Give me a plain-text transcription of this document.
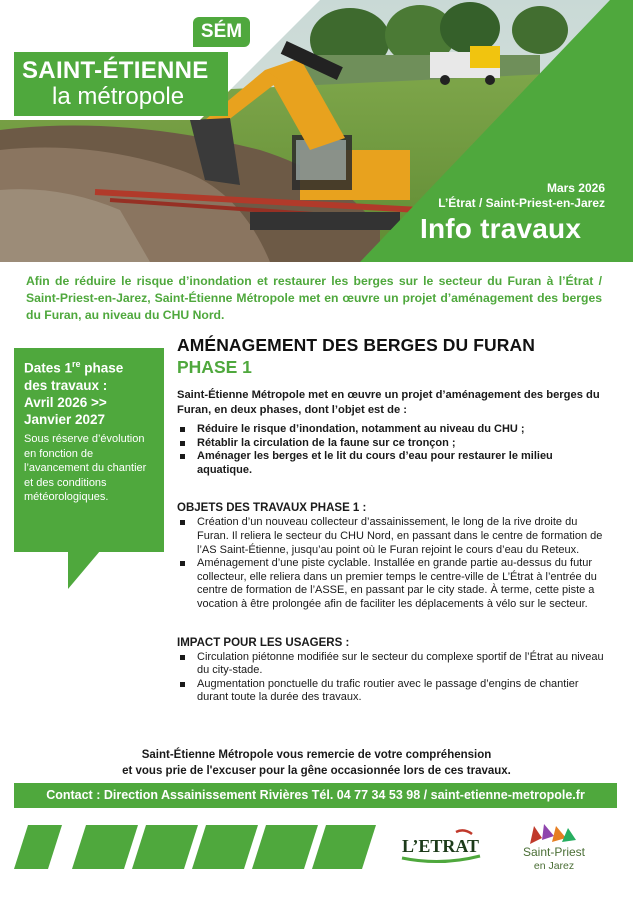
SAINT-ÉTIENNE
la métropole
SÉM
Mars 2026
L’Étrat / Saint-Priest-en-Jarez
Info travaux
Afin de réduire le risque d’inondation et restaurer les berges sur le secteur du Furan à l’Étrat / Saint-Priest-en-Jarez, Saint-Étienne Métropole met en œuvre un projet d’aménagement des berges du Furan, au niveau du CHU Nord.
Dates 1re phase
des travaux :
Avril 2026 >>
Janvier 2027
Sous réserve d’évolution en fonction de l’avancement du chantier et des conditions météorologiques.
AMÉNAGEMENT DES BERGES DU FURAN
PHASE 1

Saint-Étienne Métropole met en œuvre un projet d’aménagement des berges du Furan, en deux phases, dont l’objet est de :

Réduire le risque d’inondation, notamment au niveau du CHU ;
Rétablir la circulation de la faune sur ce tronçon ;
Aménager les berges et le lit du cours d’eau pour restaurer le milieu aquatique.
OBJETS DES TRAVAUX PHASE 1 :
Création d’un nouveau collecteur d’assainissement, le long de la rive droite du Furan. Il reliera le secteur du CHU Nord, en passant dans le centre de formation de l’AS Saint-Étienne, jusqu’au point où le Furan rejoint le cours d’eau du Reteux.
Aménagement d’une piste cyclable. Installée en grande partie au-dessus du futur collecteur, elle reliera dans un premier temps le centre-ville de L’Étrat à l’entrée du centre de formation de l’ASSE, en passant par le city stade. À terme, cette piste a vocation à être prolongée afin de faciliter les déplacements à vélo sur le secteur.
IMPACT POUR LES USAGERS :
Circulation piétonne modifiée sur le secteur du complexe sportif de l’Étrat au niveau du city-stade.
Augmentation ponctuelle du trafic routier avec le passage d’engins de chantier durant toute la durée des travaux.
Saint-Étienne Métropole vous remercie de votre compréhension
et vous prie de l'excuser pour la gêne occasionnée lors de ces travaux.
Contact : Direction Assainissement Rivières Tél. 04 77 34 53 98 / saint-etienne-metropole.fr
L’ETRAT	Saint-Priest
en Jarez
